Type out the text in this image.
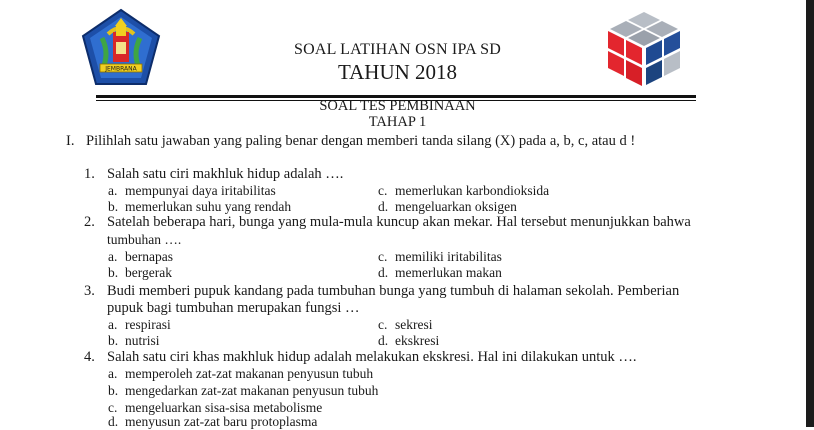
JEMBRANA
SOAL LATIHAN OSN IPA SD
TAHUN 2018
SOAL TES PEMBINAAN
TAHAP 1
I. Pilihlah satu jawaban yang paling benar dengan memberi tanda silang (X) pada a, b, c, atau d !
1. Salah satu ciri makhluk hidup adalah ….
a. mempunyai daya iritabilitas	c. memerlukan karbondioksida
b. memerlukan suhu yang rendah	d. mengeluarkan oksigen
2. Satelah beberapa hari, bunga yang mula-mula kuncup akan mekar. Hal tersebut menunjukkan bahwa
tumbuhan ….
a. bernapas	c. memiliki iritabilitas
b. bergerak	d. memerlukan makan
3. Budi memberi pupuk kandang pada tumbuhan bunga yang tumbuh di halaman sekolah. Pemberian
pupuk bagi tumbuhan merupakan fungsi …
a. respirasi	c. sekresi
b. nutrisi	d. ekskresi
4. Salah satu ciri khas makhluk hidup adalah melakukan ekskresi. Hal ini dilakukan untuk ….
a. memperoleh zat-zat makanan penyusun tubuh
b. mengedarkan zat-zat makanan penyusun tubuh
c. mengeluarkan sisa-sisa metabolisme
d. menyusun zat-zat baru protoplasma
